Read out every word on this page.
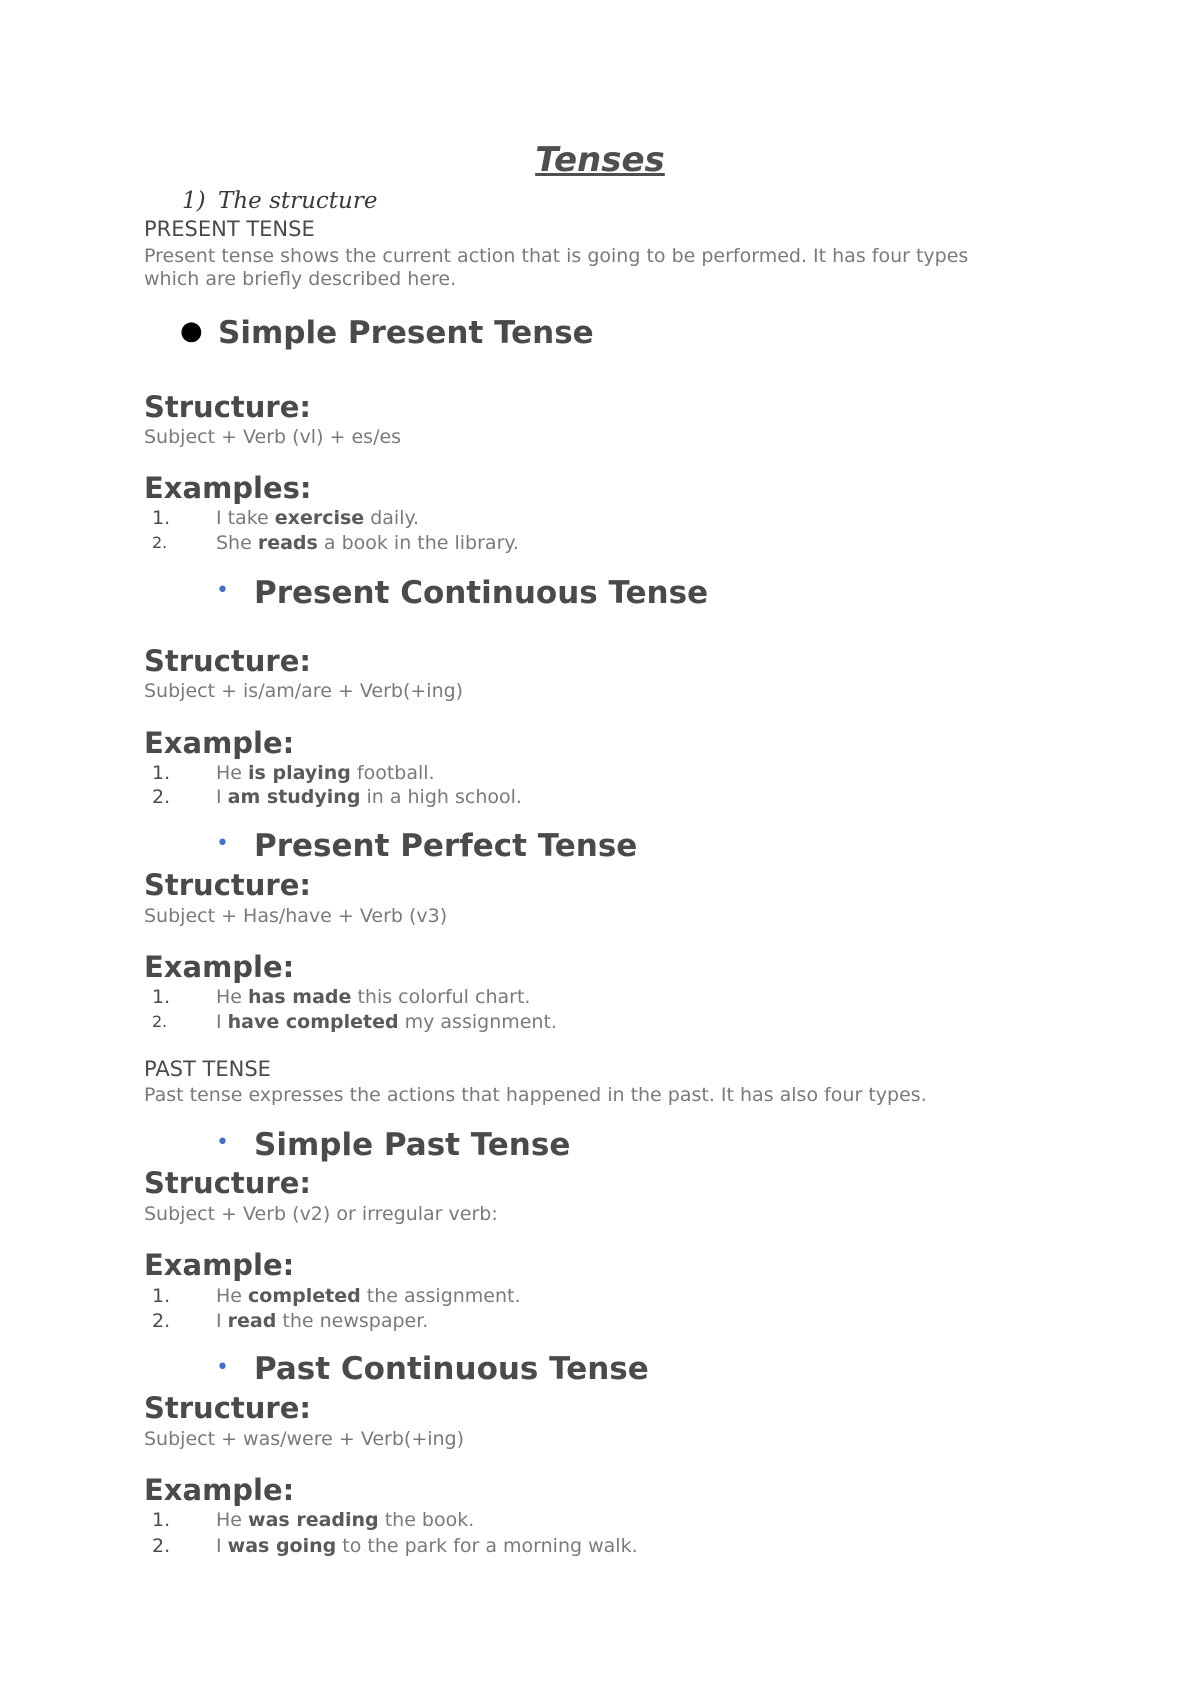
Tenses
1) The structure
PRESENT TENSE
Present tense shows the current action that is going to be performed. It has four types which are briefly described here.
● Simple Present Tense
Structure:
Subject + Verb (vl) + es/es
Examples:
1. I take exercise daily.
2.	She reads a book in the library.
• Present Continuous Tense
Structure:
Subject + is/am/are + Verb(+ing)
Example:
1. He is playing football.
2. I am studying in a high school.
• Present Perfect Tense
Structure:
Subject + Has/have + Verb (v3)
Example:
1. He has made this colorful chart.
2.	I have completed my assignment.
PAST TENSE
Past tense expresses the actions that happened in the past. It has also four types.
• Simple Past Tense
Structure:
Subject + Verb (v2) or irregular verb:
Example:
1. He completed the assignment.
2. I read the newspaper.
• Past Continuous Tense
Structure:
Subject + was/were + Verb(+ing)
Example:
1. He was reading the book.
2. I was going to the park for a morning walk.
